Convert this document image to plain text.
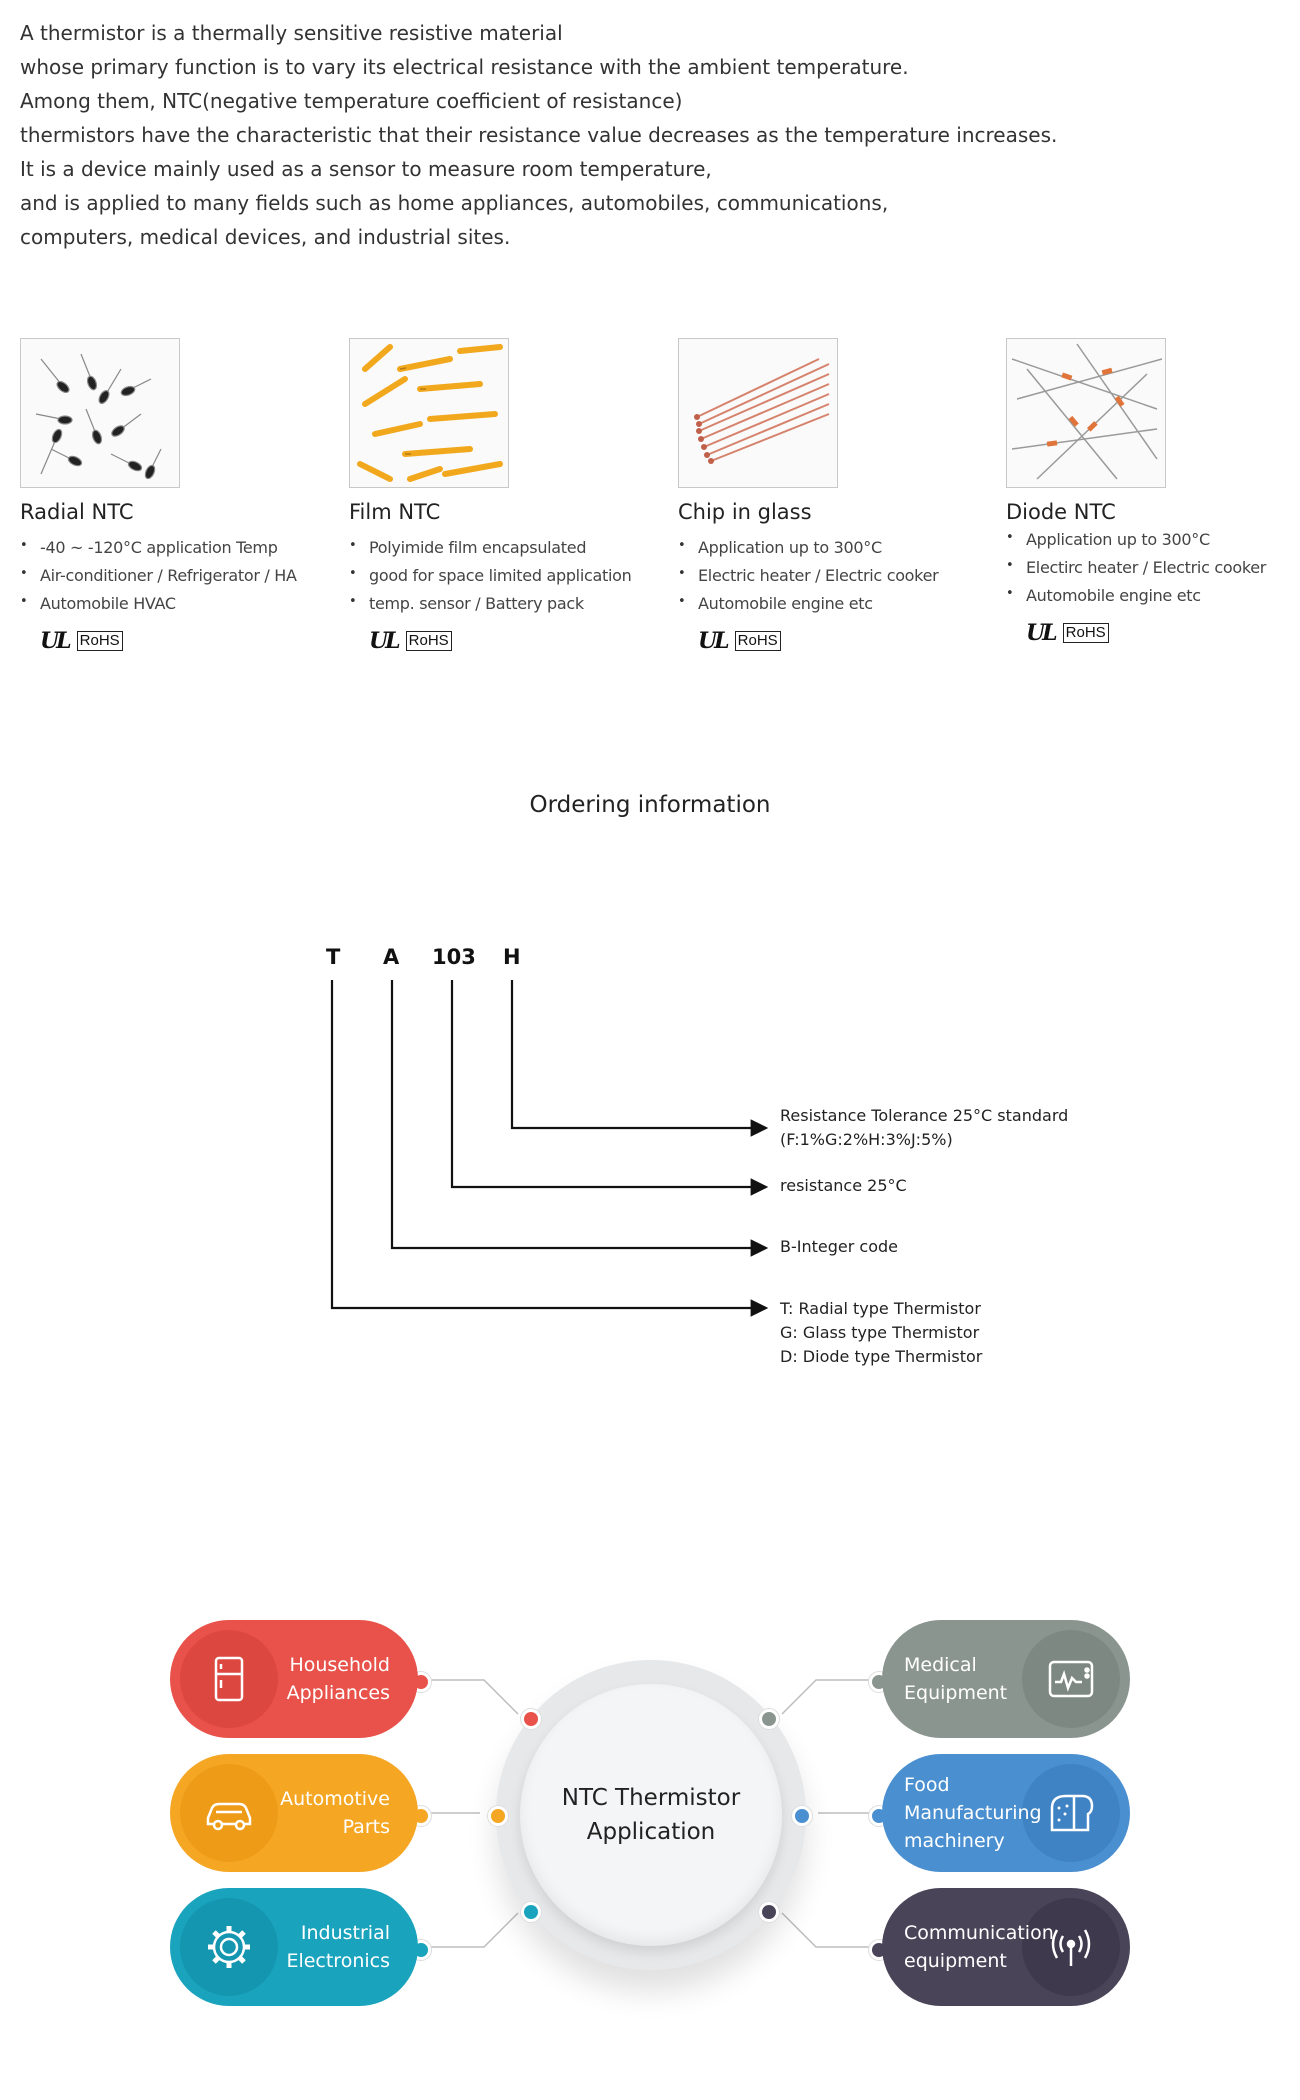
A thermistor is a thermally sensitive resistive material
whose primary function is to vary its electrical resistance with the ambient temperature.
Among them, NTC(negative temperature coefficient of resistance)
thermistors have the characteristic that their resistance value decreases as the temperature increases.
It is a device mainly used as a sensor to measure room temperature,
and is applied to many fields such as home appliances, automobiles, communications,
computers, medical devices, and industrial sites.
Radial NTC
• -40 ~ -120°C application Temp
• Air-conditioner / Refrigerator / HA
• Automobile HVAC
UL RoHS
Film NTC
• Polyimide film encapsulated
• good for space limited application
• temp. sensor / Battery pack
UL RoHS
Chip in glass
• Application up to 300°C
• Electric heater / Electric cooker
• Automobile engine etc
UL RoHS
Diode NTC
• Application up to 300°C
• Electirc heater / Electric cooker
• Automobile engine etc
UL RoHS
Ordering information
T A 103 H
Resistance Tolerance 25°C standard
(F:1%G:2%H:3%J:5%)
resistance 25°C
B-Integer code
T: Radial type Thermistor
G: Glass type Thermistor
D: Diode type Thermistor
NTC Thermistor
Application
Household
Appliances
Automotive
Parts
Industrial
Electronics
Medical
Equipment
Food
Manufacturing
machinery
Communication
equipment
